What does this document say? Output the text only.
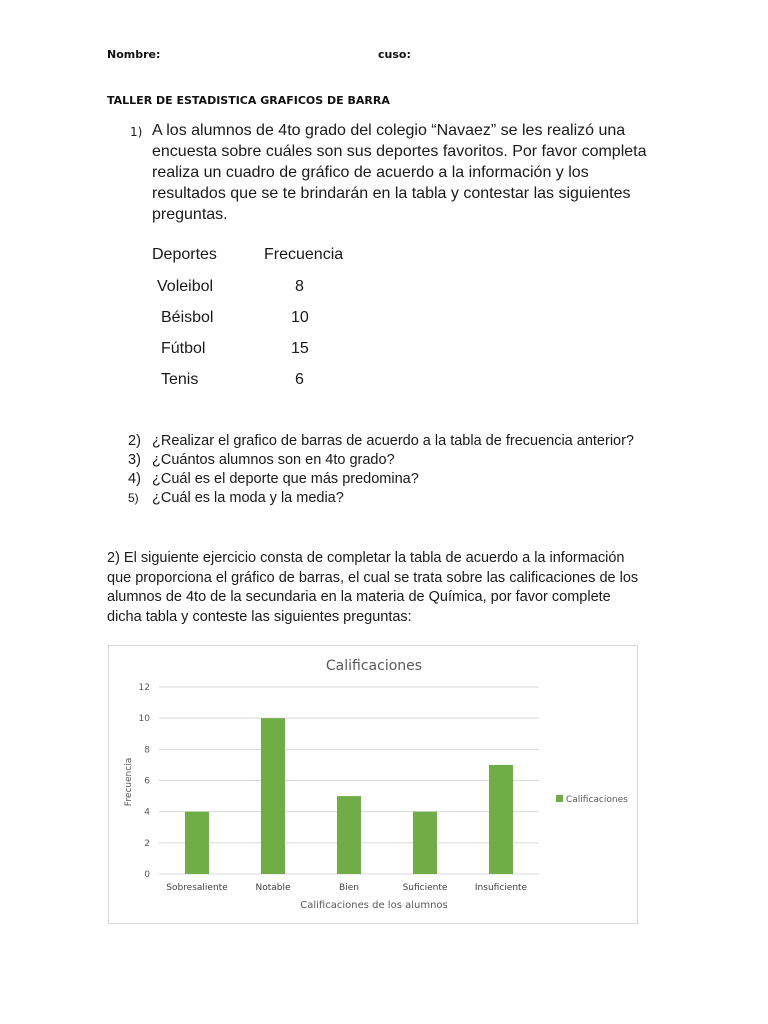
Nombre:	cuso:
TALLER DE ESTADISTICA GRAFICOS DE BARRA
1) A los alumnos de 4to grado del colegio “Navaez” se les realizó una
encuesta sobre cuáles son sus deportes favoritos. Por favor completa
realiza un cuadro de gráfico de acuerdo a la información y los
resultados que se te brindarán en la tabla y contestar las siguientes
preguntas.
Deportes	Frecuencia
Voleibol	8
Béisbol	10
Fútbol	15
Tenis	6
2) ¿Realizar el grafico de barras de acuerdo a la tabla de frecuencia anterior?
3) ¿Cuántos alumnos son en 4to grado?
4) ¿Cuál es el deporte que más predomina?
5) ¿Cuál es la moda y la media?
2) El siguiente ejercicio consta de completar la tabla de acuerdo a la información
que proporciona el gráfico de barras, el cual se trata sobre las calificaciones de los
alumnos de 4to de la secundaria en la materia de Química, por favor complete
dicha tabla y conteste las siguientes preguntas:
Calificaciones
0
2
4
6
8
10
12
Sobresaliente	Notable	Bien	Suficiente	Insuficiente
Calificaciones de los alumnos
Frecuencia	Calificaciones
